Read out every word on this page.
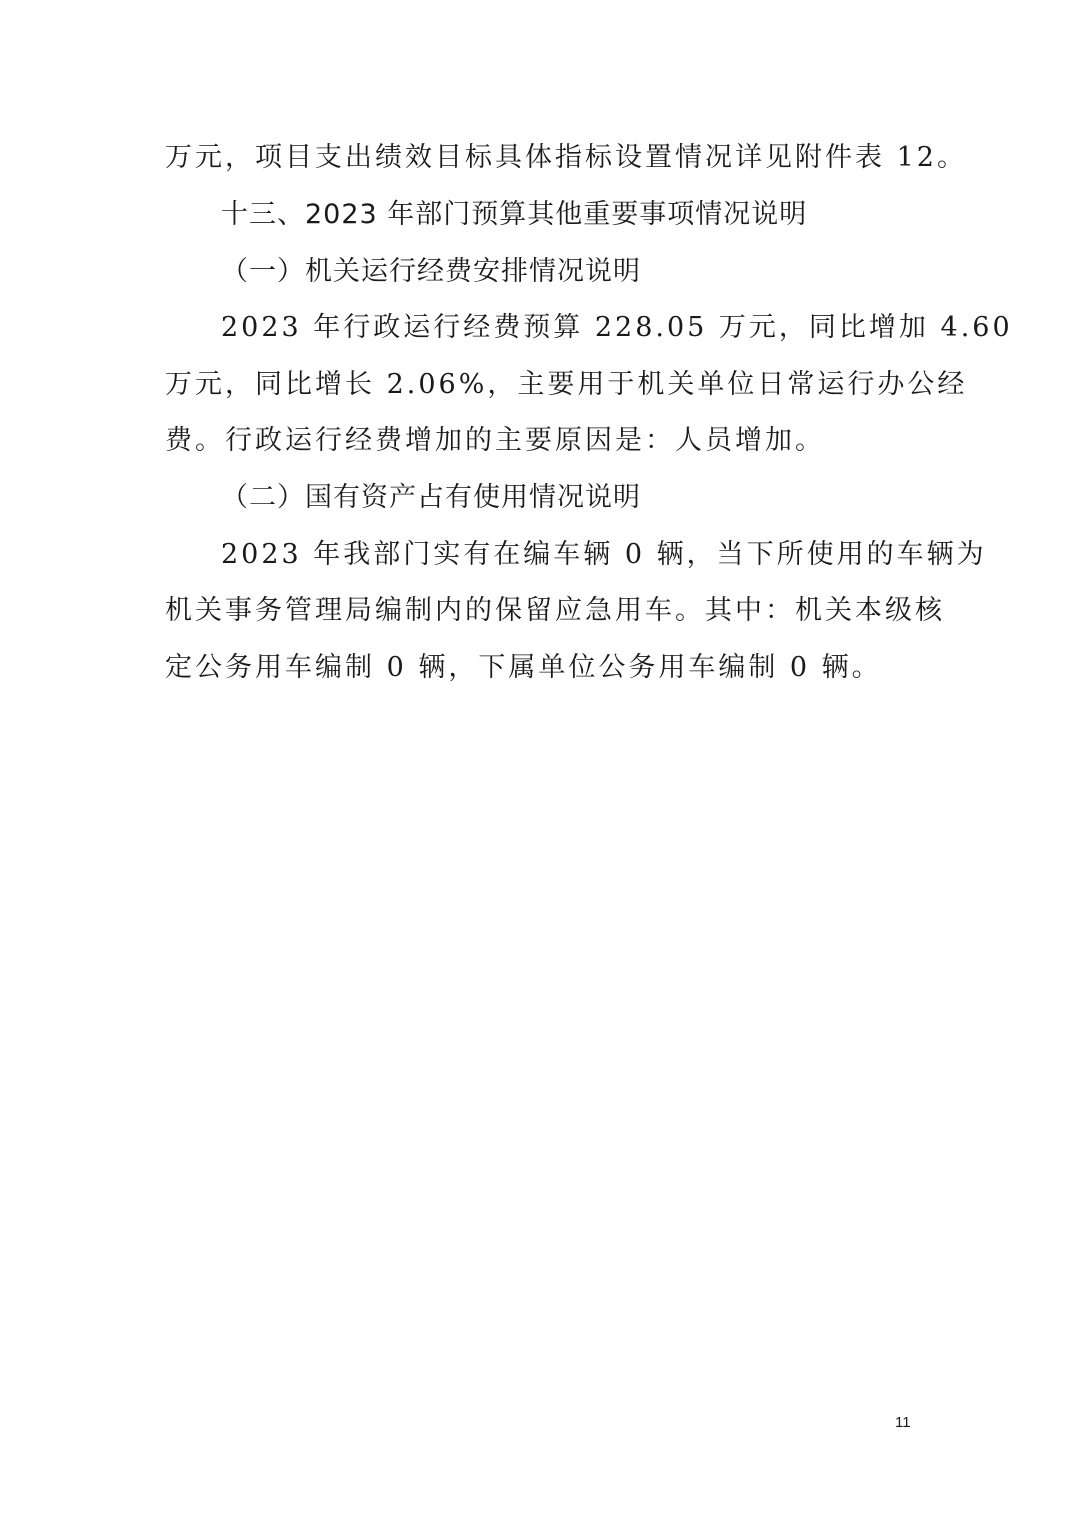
万元，项目支出绩效目标具体指标设置情况详见附件表 12。
十三、2023 年部门预算其他重要事项情况说明
（一）机关运行经费安排情况说明
2023 年行政运行经费预算 228.05 万元，同比增加 4.60
万元，同比增长 2.06%，主要用于机关单位日常运行办公经
费。行政运行经费增加的主要原因是：人员增加。
（二）国有资产占有使用情况说明
2023 年我部门实有在编车辆 0 辆，当下所使用的车辆为
机关事务管理局编制内的保留应急用车。其中：机关本级核
定公务用车编制 0 辆，下属单位公务用车编制 0 辆。
11
